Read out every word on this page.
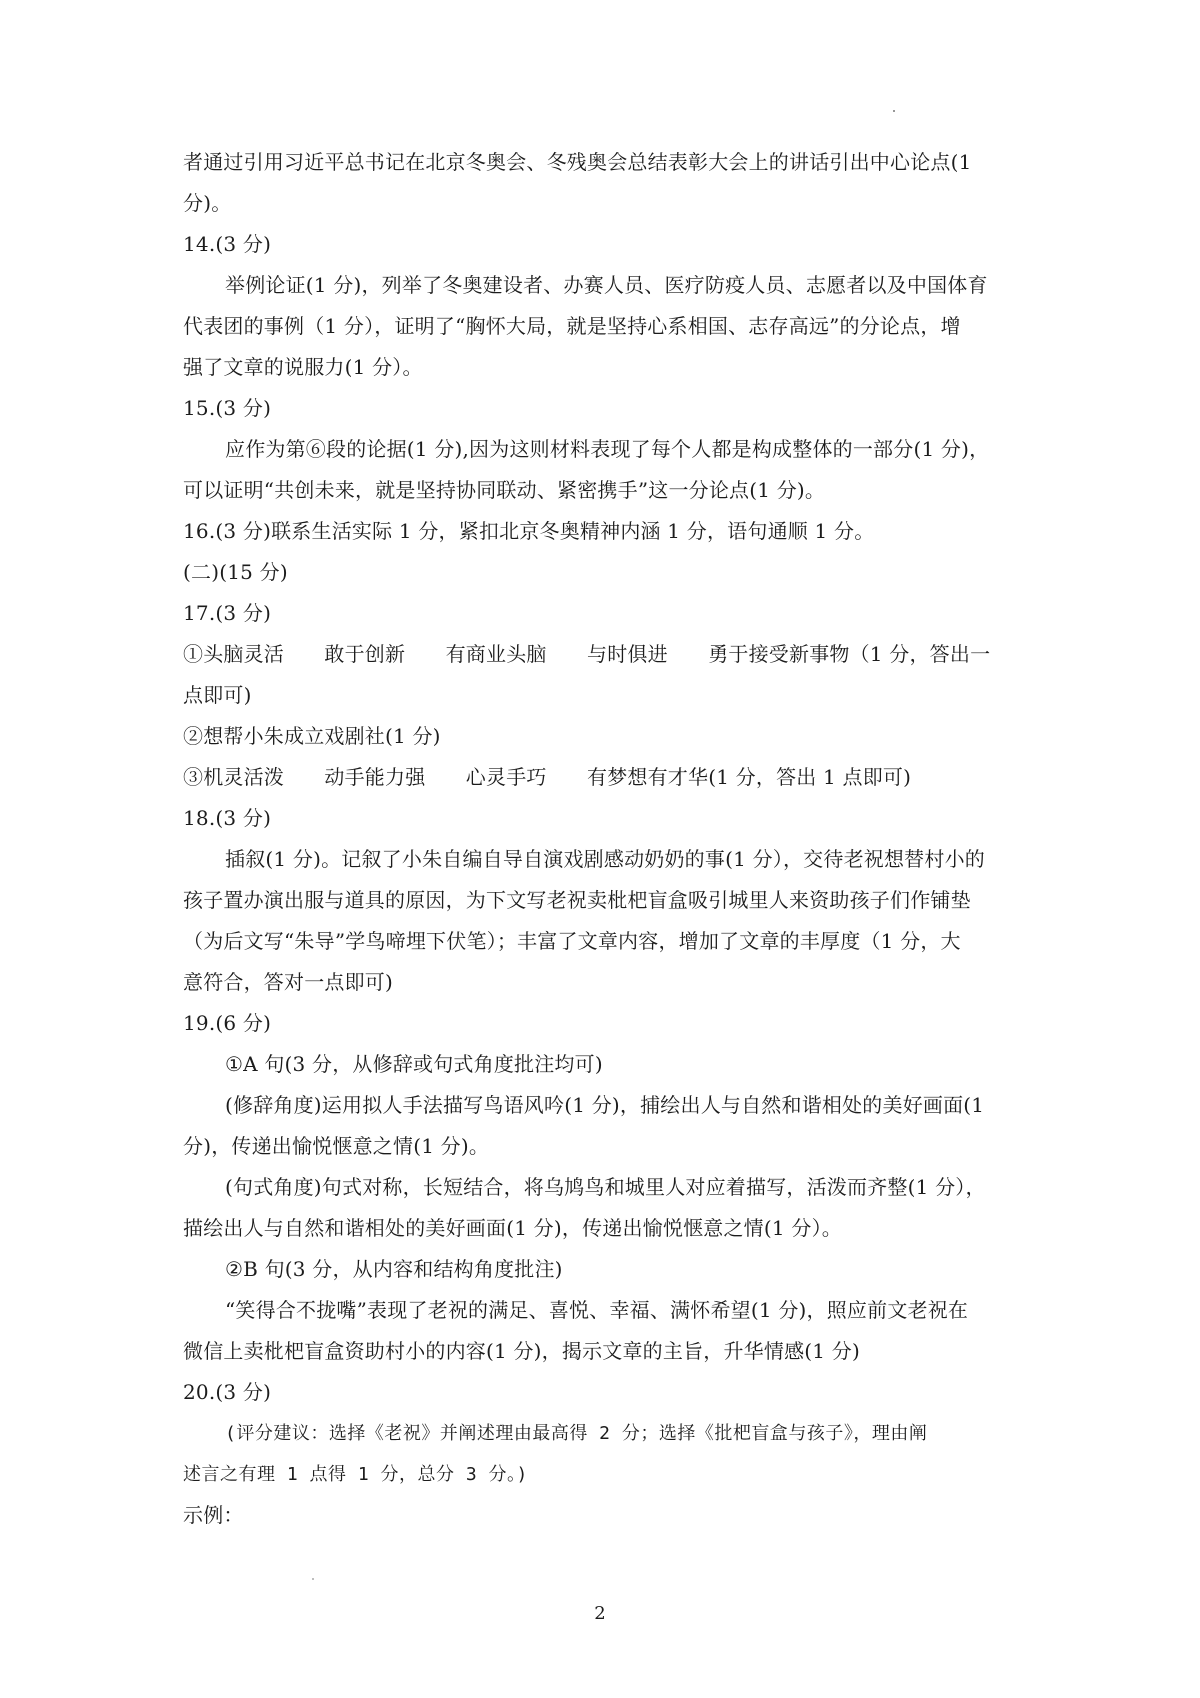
者通过引用习近平总书记在北京冬奥会、冬残奥会总结表彰大会上的讲话引出中心论点(1
分)。
14.(3 分)
举例论证(1 分)，列举了冬奥建设者、办赛人员、医疗防疫人员、志愿者以及中国体育
代表团的事例（1 分），证明了“胸怀大局，就是坚持心系相国、志存高远”的分论点，增
强了文章的说服力(1 分）。
15.(3 分)
应作为第⑥段的论据(1 分),因为这则材料表现了每个人都是构成整体的一部分(1 分)，
可以证明“共创未来，就是坚持协同联动、紧密携手”这一分论点(1 分)。
16.(3 分)联系生活实际 1 分，紧扣北京冬奥精神内涵 1 分，语句通顺 1 分。
(二)(15 分)
17.(3 分)
①头脑灵活　　敢于创新　　有商业头脑　　与时俱进　　勇于接受新事物（1 分，答出一
点即可)
②想帮小朱成立戏剧社(1 分)
③机灵活泼　　动手能力强　　心灵手巧　　有梦想有才华(1 分，答出 1 点即可)
18.(3 分)
插叙(1 分)。记叙了小朱自编自导自演戏剧感动奶奶的事(1 分），交待老祝想替村小的
孩子置办演出服与道具的原因，为下文写老祝卖枇杷盲盒吸引城里人来资助孩子们作铺垫
（为后文写“朱导”学鸟啼埋下伏笔）；丰富了文章内容，增加了文章的丰厚度（1 分，大
意符合，答对一点即可)
19.(6 分)
①A 句(3 分，从修辞或句式角度批注均可)
(修辞角度)运用拟人手法描写鸟语风吟(1 分)，捕绘出人与自然和谐相处的美好画面(1
分)，传递出愉悦惬意之情(1 分)。
(句式角度)句式对称，长短结合，将乌鸠鸟和城里人对应着描写，活泼而齐整(1 分），
描绘出人与自然和谐相处的美好画面(1 分)，传递出愉悦惬意之情(1 分）。
②B 句(3 分，从内容和结构角度批注)
“笑得合不拢嘴”表现了老祝的满足、喜悦、幸福、满怀希望(1 分)，照应前文老祝在
微信上卖枇杷盲盒资助村小的内容(1 分)，揭示文章的主旨，升华情感(1 分)
20.(3 分)
(评分建议：选择《老祝》并阐述理由最高得 2 分；选择《批杷盲盒与孩子》，理由阐
述言之有理 1 点得 1 分，总分 3 分。)
示例：
2
